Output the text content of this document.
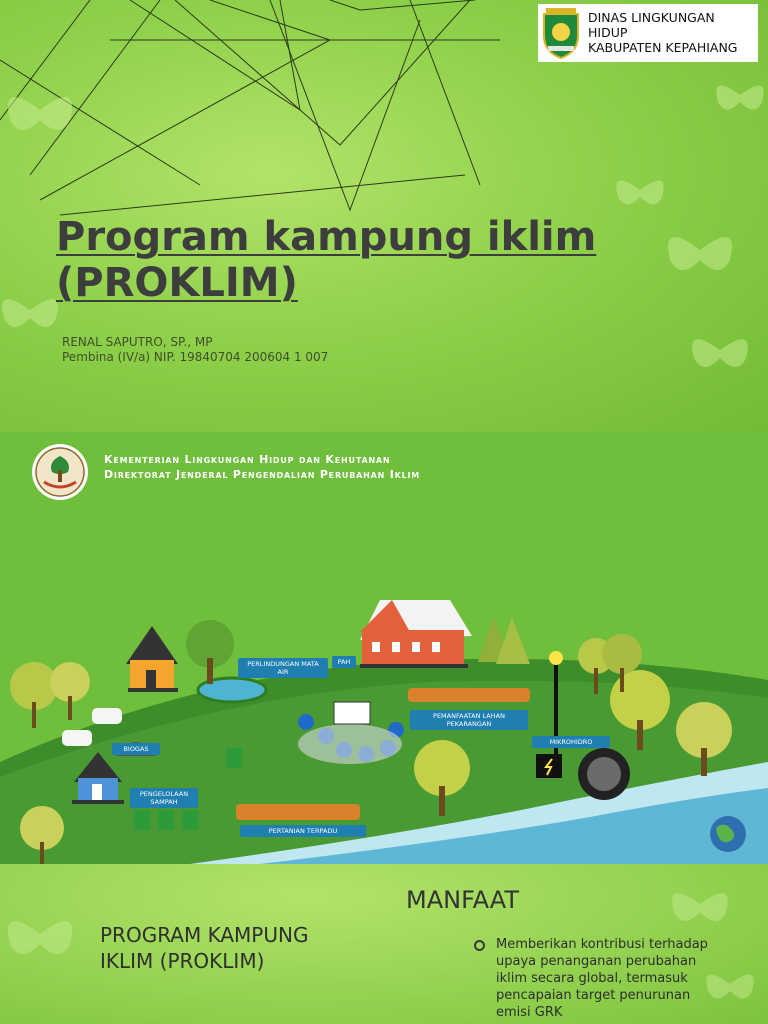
DINAS LINGKUNGAN
HIDUP
KABUPATEN KEPAHIANG
Program kampung iklim
(PROKLIM)
RENAL SAPUTRO, SP., MP
Pembina (IV/a) NIP. 19840704 200604 1 007
Kementerian Lingkungan Hidup dan Kehutanan
Direktorat Jenderal Pengendalian Perubahan Iklim
PERLINDUNGAN MATA AIR
PAH
PEMANFAATAN LAHAN PEKARANGAN
BIOGAS
MIKROHIDRO
PENGELOLAAN SAMPAH
PERTANIAN TERPADU
MANFAAT
PROGRAM KAMPUNG IKLIM (PROKLIM)
Memberikan kontribusi terhadap upaya penanganan perubahan iklim secara global, termasuk pencapaian target penurunan emisi GRK
